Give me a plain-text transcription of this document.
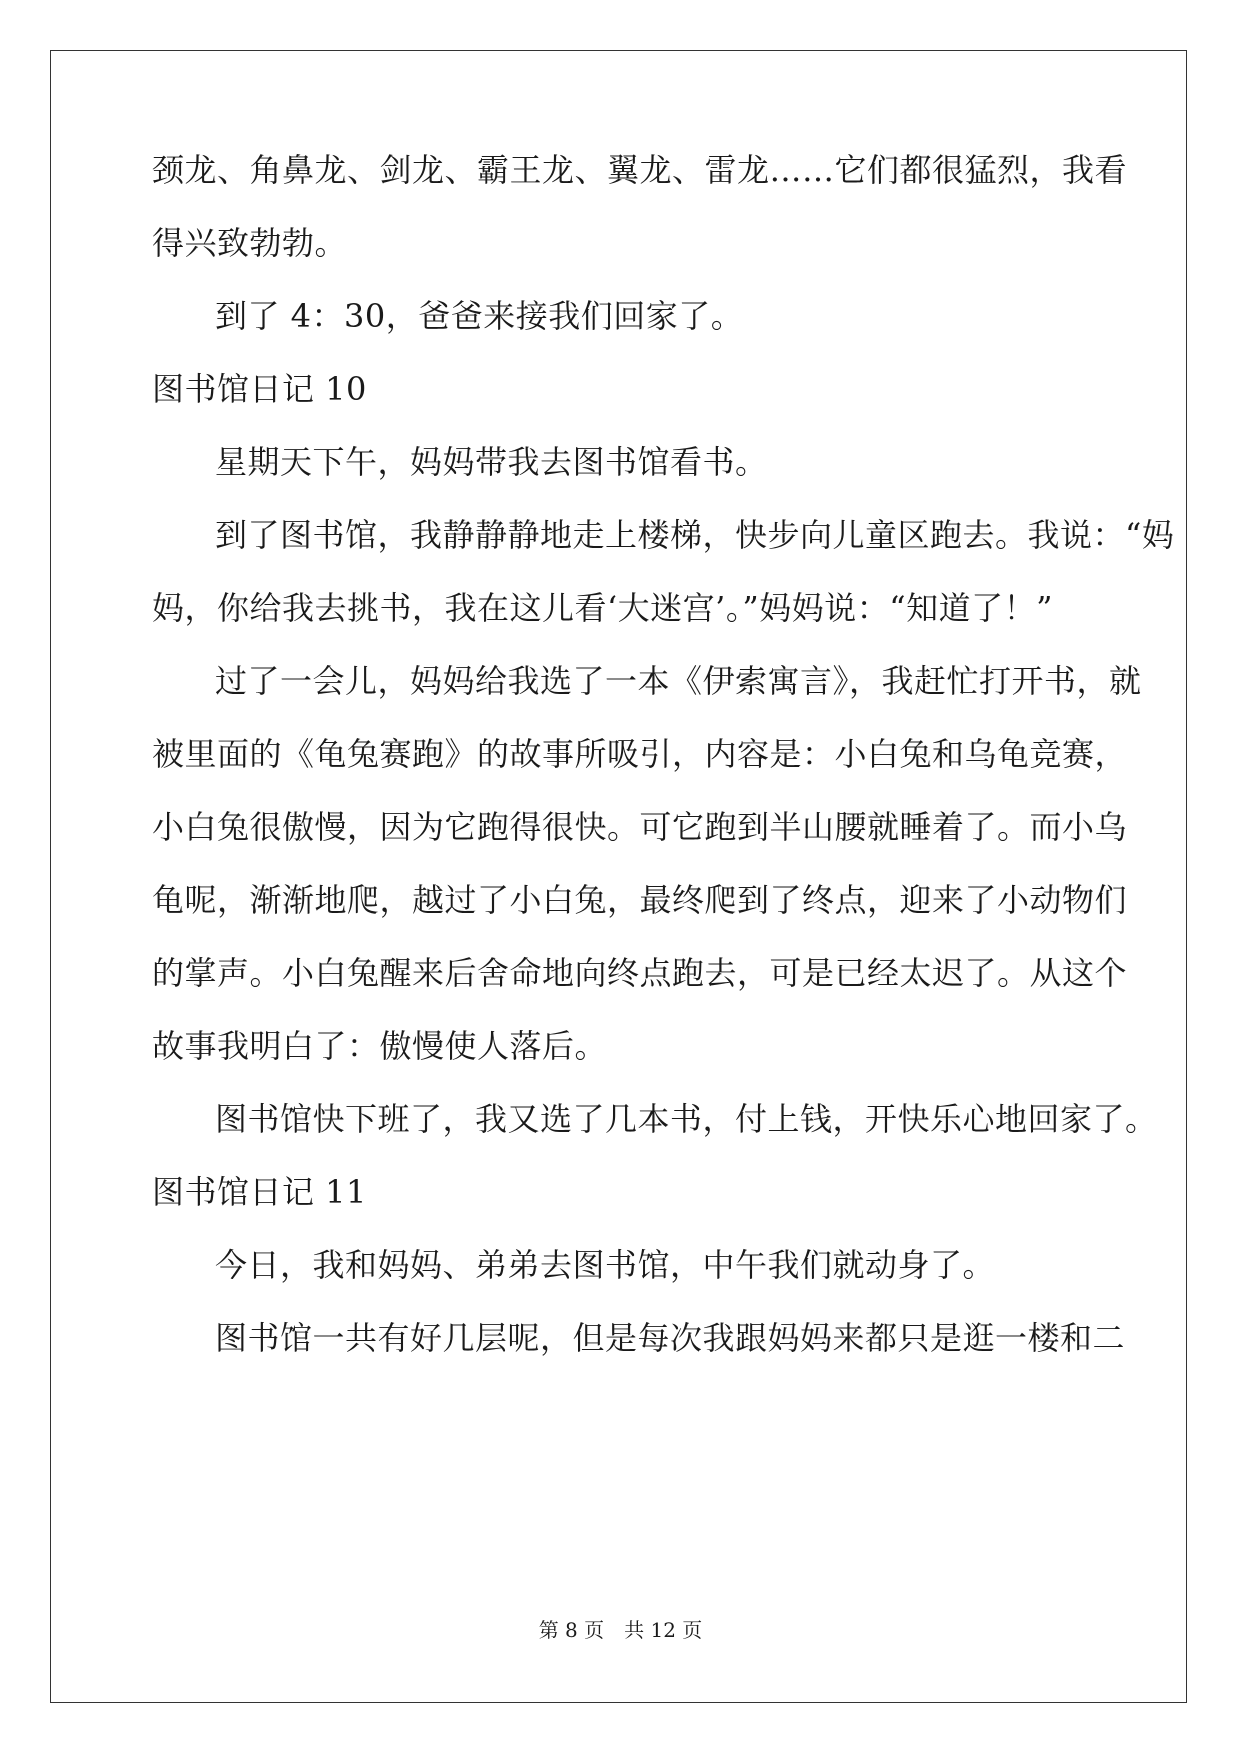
颈龙、角鼻龙、剑龙、霸王龙、翼龙、雷龙……它们都很猛烈，我看
得兴致勃勃。
到了 4：30，爸爸来接我们回家了。
图书馆日记 10
星期天下午，妈妈带我去图书馆看书。
到了图书馆，我静静静地走上楼梯，快步向儿童区跑去。我说：“妈
妈，你给我去挑书，我在这儿看‘大迷宫’。”妈妈说：“知道了！”
过了一会儿，妈妈给我选了一本《伊索寓言》，我赶忙打开书，就
被里面的《龟兔赛跑》的故事所吸引，内容是：小白兔和乌龟竞赛，
小白兔很傲慢，因为它跑得很快。可它跑到半山腰就睡着了。而小乌
龟呢，渐渐地爬，越过了小白兔，最终爬到了终点，迎来了小动物们
的掌声。小白兔醒来后舍命地向终点跑去，可是已经太迟了。从这个
故事我明白了：傲慢使人落后。
图书馆快下班了，我又选了几本书，付上钱，开快乐心地回家了。
图书馆日记 11
今日，我和妈妈、弟弟去图书馆，中午我们就动身了。
图书馆一共有好几层呢，但是每次我跟妈妈来都只是逛一楼和二
第 8 页　共 12 页
